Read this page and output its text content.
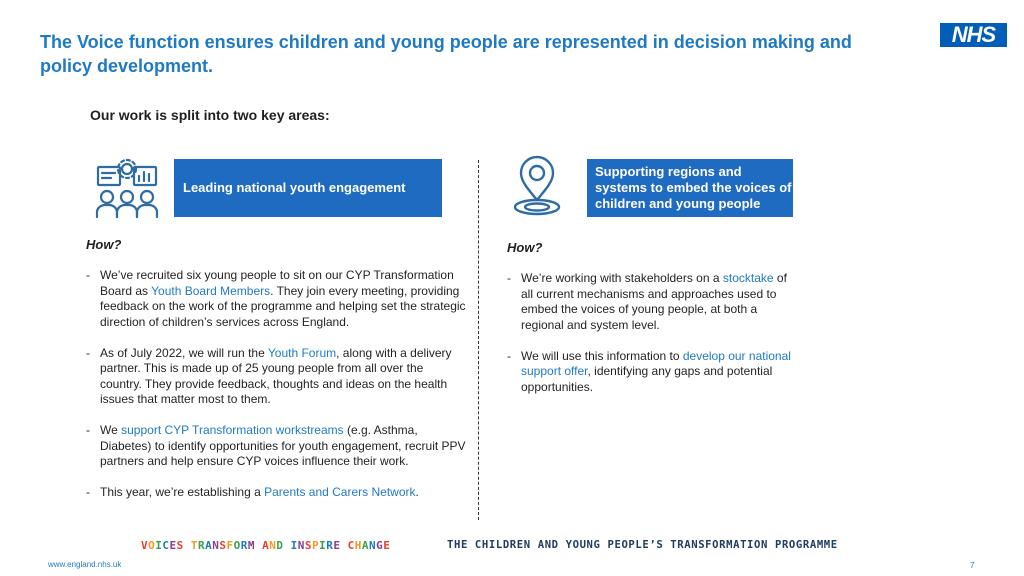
The Voice function ensures children and young people are represented in decision making and policy development.
NHS
Our work is split into two key areas:
Leading national youth engagement
Supporting regions and systems to embed the voices of children and young people
How?	How?
- We’ve recruited six young people to sit on our CYP Transformation Board as Youth Board Members. They join every meeting, providing feedback on the work of the programme and helping set the strategic direction of children’s services across England.
- As of July 2022, we will run the Youth Forum, along with a delivery partner. This is made up of 25 young people from all over the country. They provide feedback, thoughts and ideas on the health issues that matter most to them.
- We support CYP Transformation workstreams (e.g. Asthma, Diabetes) to identify opportunities for youth engagement, recruit PPV partners and help ensure CYP voices influence their work.
- This year, we’re establishing a Parents and Carers Network.
- We’re working with stakeholders on a stocktake of all current mechanisms and approaches used to embed the voices of young people, at both a regional and system level.
- We will use this information to develop our national support offer, identifying any gaps and potential opportunities.
VOICES TRANSFORM AND INSPIRE CHANGE	THE CHILDREN AND YOUNG PEOPLE’S TRANSFORMATION PROGRAMME
www.england.nhs.uk	7
